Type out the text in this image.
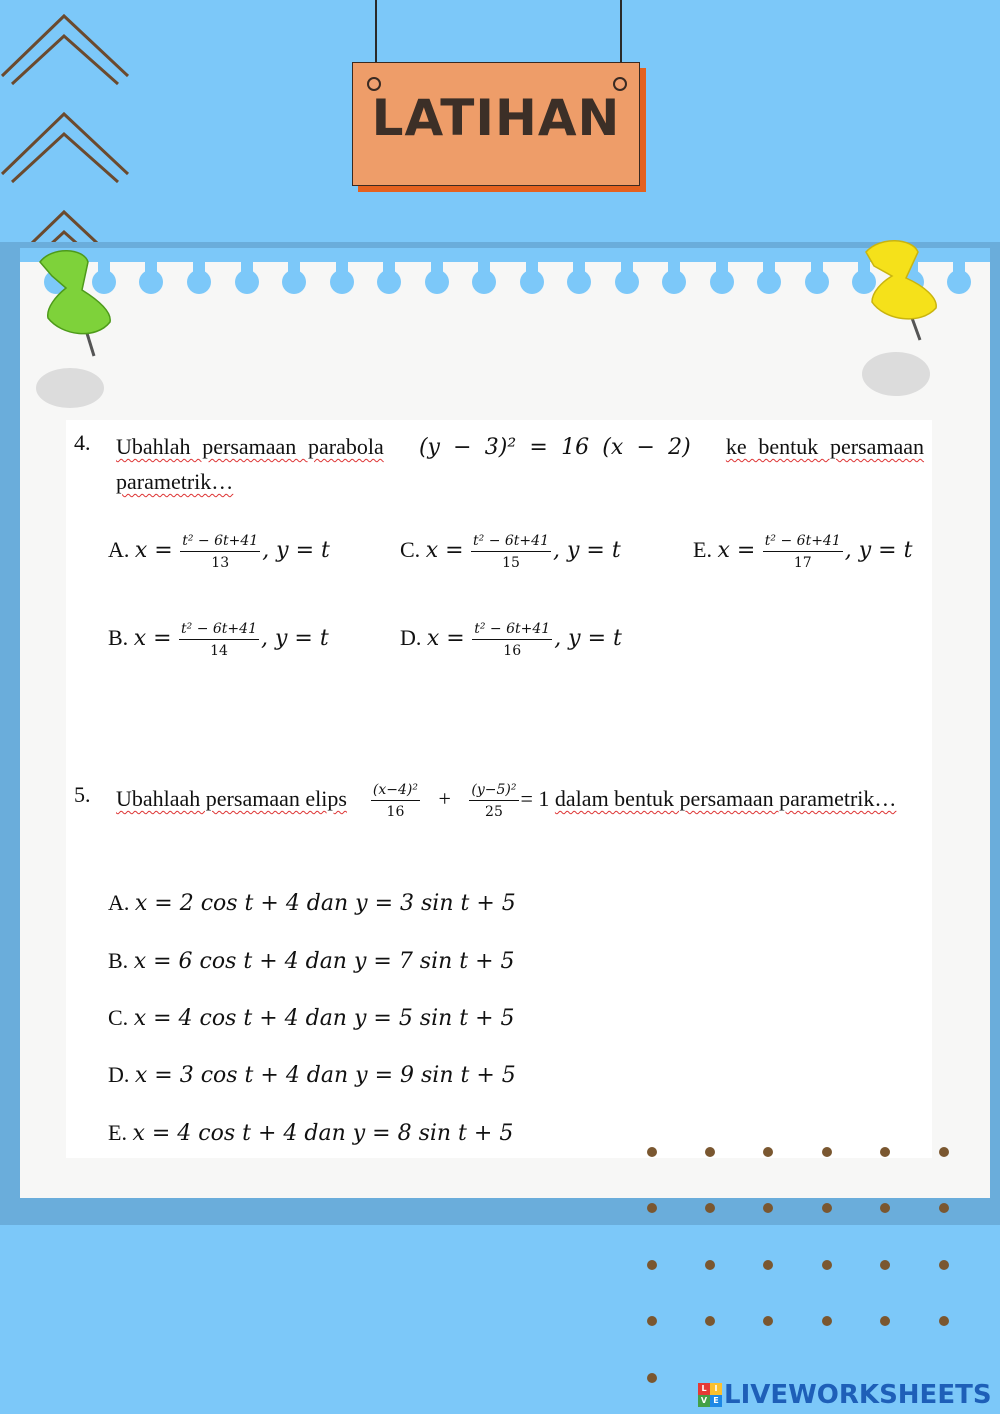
LATIHAN
4.	Ubahlah persamaan parabola (y − 3)² = 16 (x − 2) ke bentuk persamaan parametrik…
A. $x = \frac{\text{t² − 6t+41}}{13}$ , y = t	C. $x = \frac{\text{t² − 6t+41}}{15}$ , y = t	E. $x = \frac{\text{t² − 6t+41}}{17}$ , y = t
B. $x = \frac{\text{t² − 6t+41}}{14}$ , y = t	D. $x = \frac{\text{t² − 6t+41}}{16}$ , y = t
5.	Ubahlaah persamaan elips $\frac{\text{(x−4)²}}{16} + \frac{\text{(y−5)²}}{25} = 1$ dalam bentuk persamaan parametrik…
A. x = 2 cos t + 4 dan y = 3 sin t + 5
B. x = 6 cos t + 4 dan y = 7 sin t + 5
C. x = 4 cos t + 4 dan y = 5 sin t + 5
D. x = 3 cos t + 4 dan y = 9 sin t + 5
E. x = 4 cos t + 4 dan y = 8 sin t + 5
L I
V E LIVEWORKSHEETS
